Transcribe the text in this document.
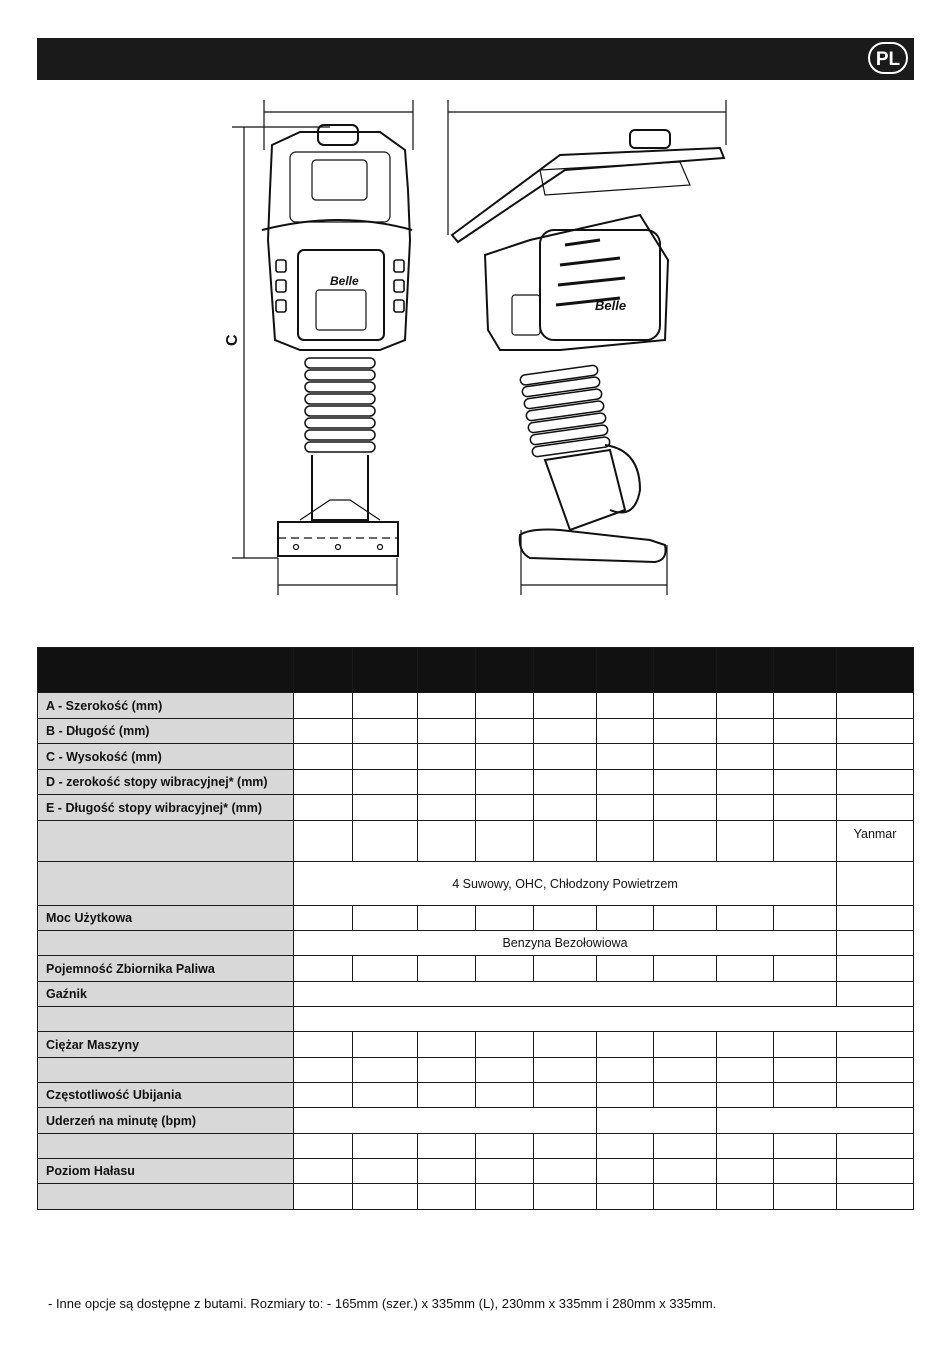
PL
Belle
Belle
C

A - Szerokość (mm)										
B - Długość (mm)										
C - Wysokość (mm)										
D - zerokość stopy wibracyjnej* (mm)										
E - Długość stopy wibracyjnej* (mm)										
										Yanmar
	4 Suwowy, OHC, Chłodzony Powietrzem									
Moc Użytkowa										
	Benzyna Bezołowiowa									
Pojemność Zbiornika Paliwa										
Gaźnik										

Ciężar Maszyny										

Częstotliwość Ubijania										
Uderzeń na minutę (bpm)										

Poziom Hałasu										

- Inne opcje są dostępne z butami. Rozmiary to: - 165mm (szer.) x 335mm (L), 230mm x 335mm i 280mm x 335mm.
